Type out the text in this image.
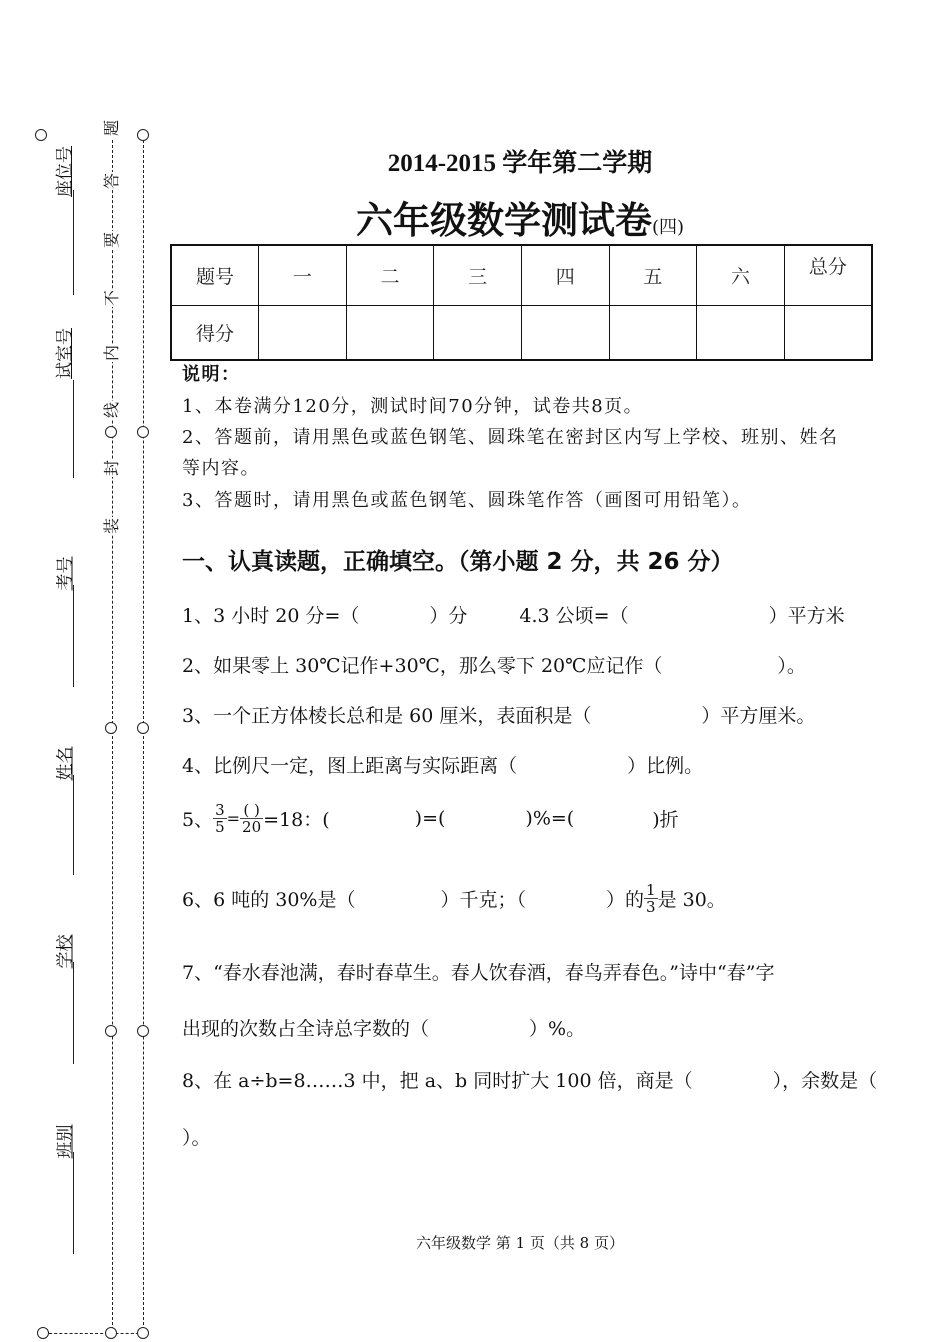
题
答
要
不
内
线
封
装
座位号
试室号
考号
姓名
学校
班别
2014-2015 学年第二学期
六年级数学测试卷(四)
题号	一	二	三	四	五	六	总分
得分							
说明：
1、本卷满分120分，测试时间70分钟，试卷共8页。
2、答题前，请用黑色或蓝色钢笔、圆珠笔在密封区内写上学校、班别、姓名
等内容。
3、答题时，请用黑色或蓝色钢笔、圆珠笔作答（画图可用铅笔）。
一、认真读题，正确填空。（第小题 2 分，共 26 分）
1、3 小时 20 分=（	）分	4.3 公顷=（	）平方米
2、如果零上 30℃记作+30℃，那么零下 20℃应记作（	）。
3、一个正方体棱长总和是 60 厘米，表面积是（	）平方厘米。
4、比例尺一定，图上距离与实际距离（	）比例。
5、 $\frac{3}{5} = \frac{( )}{20} =18$：(	)=(	)%=(	)折
6、6 吨的 30%是（	）千克；（	）的 $\frac{1}{3}$ 是 30。
7、“春水春池满，春时春草生。春人饮春酒，春鸟弄春色。”诗中“春”字
出现的次数占全诗总字数的（	）%。
8、在 a÷b=8……3 中，把 a、b 同时扩大 100 倍，商是（	），余数是（
）。
六年级数学 第 1 页（共 8 页）
